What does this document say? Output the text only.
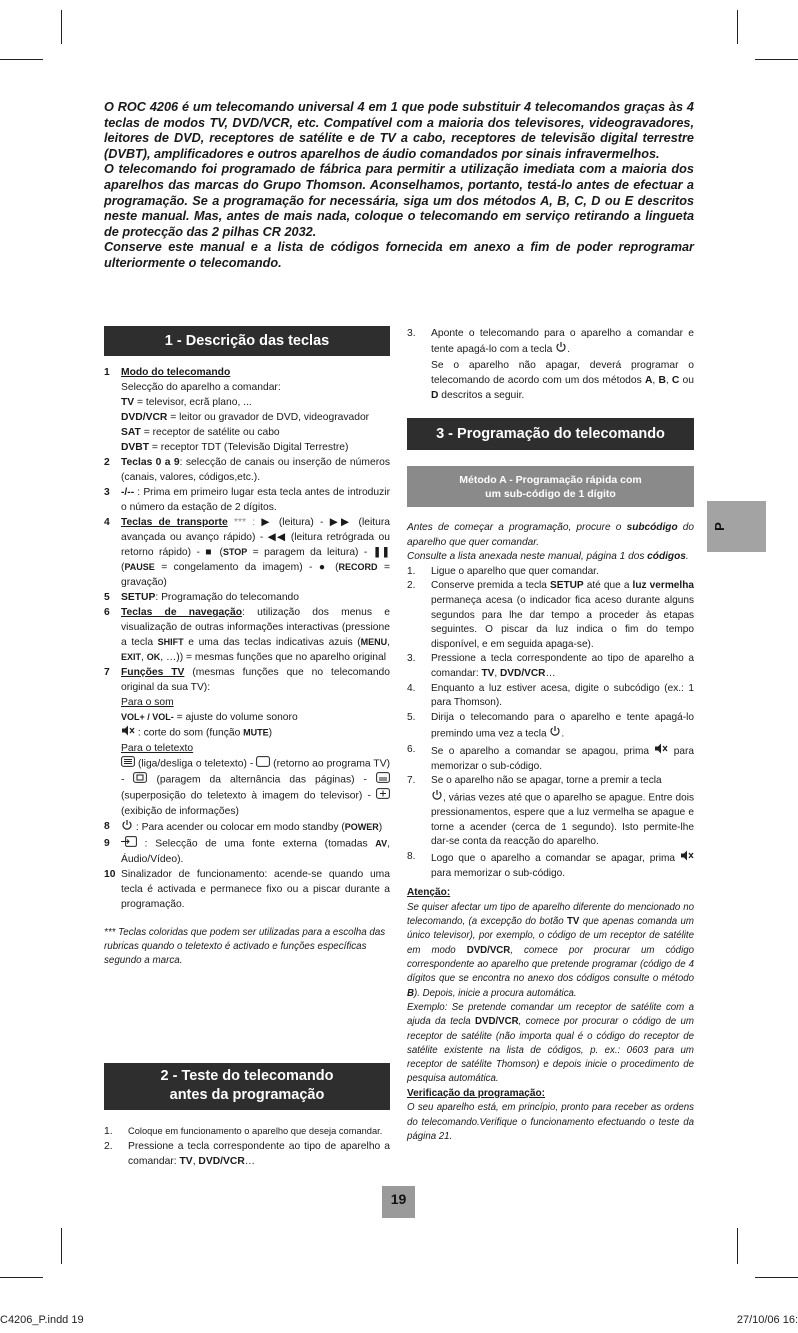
O ROC 4206 é um telecomando universal 4 em 1 que pode substituir 4 telecomandos graças às 4 teclas de modos TV, DVD/VCR, etc. Compatível com a maioria dos televisores, videogravadores, leitores de DVD, receptores de satélite e de TV a cabo, receptores de televisão digital terrestre (DVBT), amplificadores e outros aparelhos de áudio comandados por sinais infravermelhos.

O telecomando foi programado de fábrica para permitir a utilização imediata com a maioria dos aparelhos das marcas do Grupo Thomson. Aconselhamos, portanto, testá-lo antes de efectuar a programação. Se a programação for necessária, siga um dos métodos A, B, C, D ou E descritos neste manual. Mas, antes de mais nada, coloque o telecomando em serviço retirando a lingueta de protecção das 2 pilhas CR 2032.

Conserve este manual e a lista de códigos fornecida em anexo a fim de poder reprogramar ulteriormente o telecomando.

1 - Descrição das teclas
1	Modo do telecomando
Selecção do aparelho a comandar:
TV = televisor, ecrã plano, ...
DVD/VCR = leitor ou gravador de DVD, videogravador
SAT = receptor de satélite ou cabo
DVBT = receptor TDT (Televisão Digital Terrestre)
2	Teclas 0 a 9: selecção de canais ou inserção de números (canais, valores, códigos,etc.).
3	-/-- : Prima em primeiro lugar esta tecla antes de introduzir o número da estação de 2 dígitos.
4	Teclas de transporte *** : ▶ (leitura) - ▶▶ (leitura avançada ou avanço rápido) - ◀◀ (leitura retrógrada ou retorno rápido) - ■ (STOP = paragem da leitura) - ❚❚ (PAUSE = congelamento da imagem) - ● (RECORD = gravação)
5	SETUP: Programação do telecomando
6	Teclas de navegação: utilização dos menus e visualização de outras informações interactivas (pressione a tecla SHIFT e uma das teclas indicativas azuis (MENU, EXIT, OK, …)) = mesmas funções que no aparelho original
7	Funções TV (mesmas funções que no telecomando original da sua TV):
Para o som
VOL+ / VOL- = ajuste do volume sonoro
: corte do som (função MUTE)
Para o teletexto
(liga/desliga o teletexto) -  (retorno ao programa TV) -  (paragem da alternância das páginas) -  (superposição do teletexto à imagem do televisor) -  (exibição de informações)
8	: Para acender ou colocar em modo standby (POWER)
9	: Selecção de uma fonte externa (tomadas AV, Áudio/Vídeo).
10 Sinalizador de funcionamento: acende-se quando uma tecla é activada e permanece fixo ou a piscar durante a programação.
*** Teclas coloridas que podem ser utilizadas para a escolha das rubricas quando o teletexto é activado e funções específicas segundo a marca.
2 - Teste do telecomando
antes da programação
1.	Coloque em funcionamento o aparelho que deseja comandar.
2.	Pressione a tecla correspondente ao tipo de aparelho a comandar: TV, DVD/VCR…
3.	Aponte o telecomando para o aparelho a comandar e tente apagá-lo com a tecla .
Se o aparelho não apagar, deverá programar o telecomando de acordo com um dos métodos A, B, C ou D descritos a seguir.
3 - Programação do telecomando
Método A - Programação rápida com
um sub-código de 1 dígito
Antes de começar a programação, procure o subcódigo do aparelho que quer comandar.
Consulte a lista anexada neste manual, página 1 dos códigos.
1.	Ligue o aparelho que quer comandar.
2.	Conserve premida a tecla SETUP até que a luz vermelha permaneça acesa (o indicador fica aceso durante alguns segundos para lhe dar tempo a proceder às etapas seguintes. O piscar da luz indica o fim do tempo disponível, e em seguida apaga-se).
3.	Pressione a tecla correspondente ao tipo de aparelho a comandar: TV, DVD/VCR…
4.	Enquanto a luz estiver acesa, digite o subcódigo (ex.: 1 para Thomson).
5.	Dirija o telecomando para o aparelho e tente apagá-lo premindo uma vez a tecla .
6.	Se o aparelho a comandar se apagou, prima  para memorizar o sub-código.
7.	Se o aparelho não se apagar, torne a premir a tecla
, várias vezes até que o aparelho se apague. Entre dois pressionamentos, espere que a luz vermelha se apague e torne a acender (cerca de 1 segundo). Isto permite-lhe dar-se conta da reacção do aparelho.
8.	Logo que o aparelho a comandar se apagar, prima  para memorizar o sub-código.
Atenção:
Se quiser afectar um tipo de aparelho diferente do mencionado no telecomando, (a excepção do botão TV que apenas comanda um único televisor), por exemplo, o código de um receptor de satélite em modo DVD/VCR, comece por procurar um código correspondente ao aparelho que pretende programar (código de 4 dígitos que se encontra no anexo dos códigos consulte o método B). Depois, inicie a procura automática.
Exemplo: Se pretende comandar um receptor de satélite com a ajuda da tecla DVD/VCR, comece por procurar o código de um receptor de satélite (não importa qual é o código do receptor de satélite existente na lista de códigos, p. ex.: 0603 para um receptor de satélite Thomson) e depois inicie o procedimento de pesquisa automática.
Verificação da programação:
O seu aparelho está, em princípio, pronto para receber as ordens do telecomando.Verifique o funcionamento efectuando o teste da página 21.
P
19
C4206_P.indd 19	27/10/06 16:
